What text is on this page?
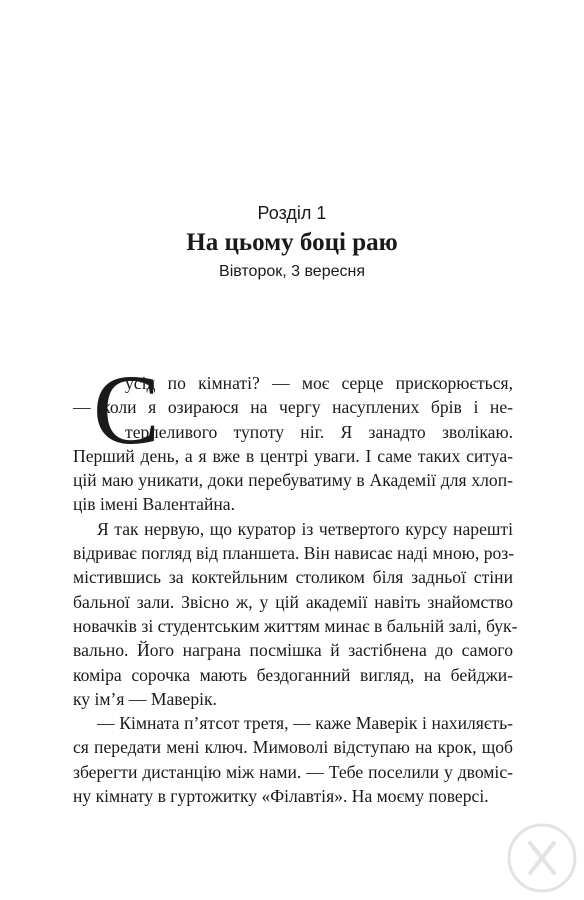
Розділ 1
На цьому боці раю
Вівторок, 3 вересня
С
усід по кімнаті? — моє серце прискорюється,
— коли я озираюся на чергу насуплених брів і не-
терпеливого тупоту ніг. Я занадто зволікаю.
Перший день, а я вже в центрі уваги. І саме таких ситуа-
цій маю уникати, доки перебуватиму в Академії для хлоп-
ців імені Валентайна.
Я так нервую, що куратор із четвертого курсу нарешті
відриває погляд від планшета. Він нависає наді мною, роз-
містившись за коктейльним столиком біля задньої стіни
бальної зали. Звісно ж, у цій академії навіть знайомство
новачків зі студентським життям минає в бальній залі, бук-
вально. Його награна посмішка й застібнена до самого
коміра сорочка мають бездоганний вигляд, на бейджи-
ку ім’я — Маверік.
— Кімната п’ятсот третя, — каже Маверік і нахиляєть-
ся передати мені ключ. Мимоволі відступаю на крок, щоб
зберегти дистанцію між нами. — Тебе поселили у двоміс-
ну кімнату в гуртожитку «Філавтія». На моєму поверсі.
